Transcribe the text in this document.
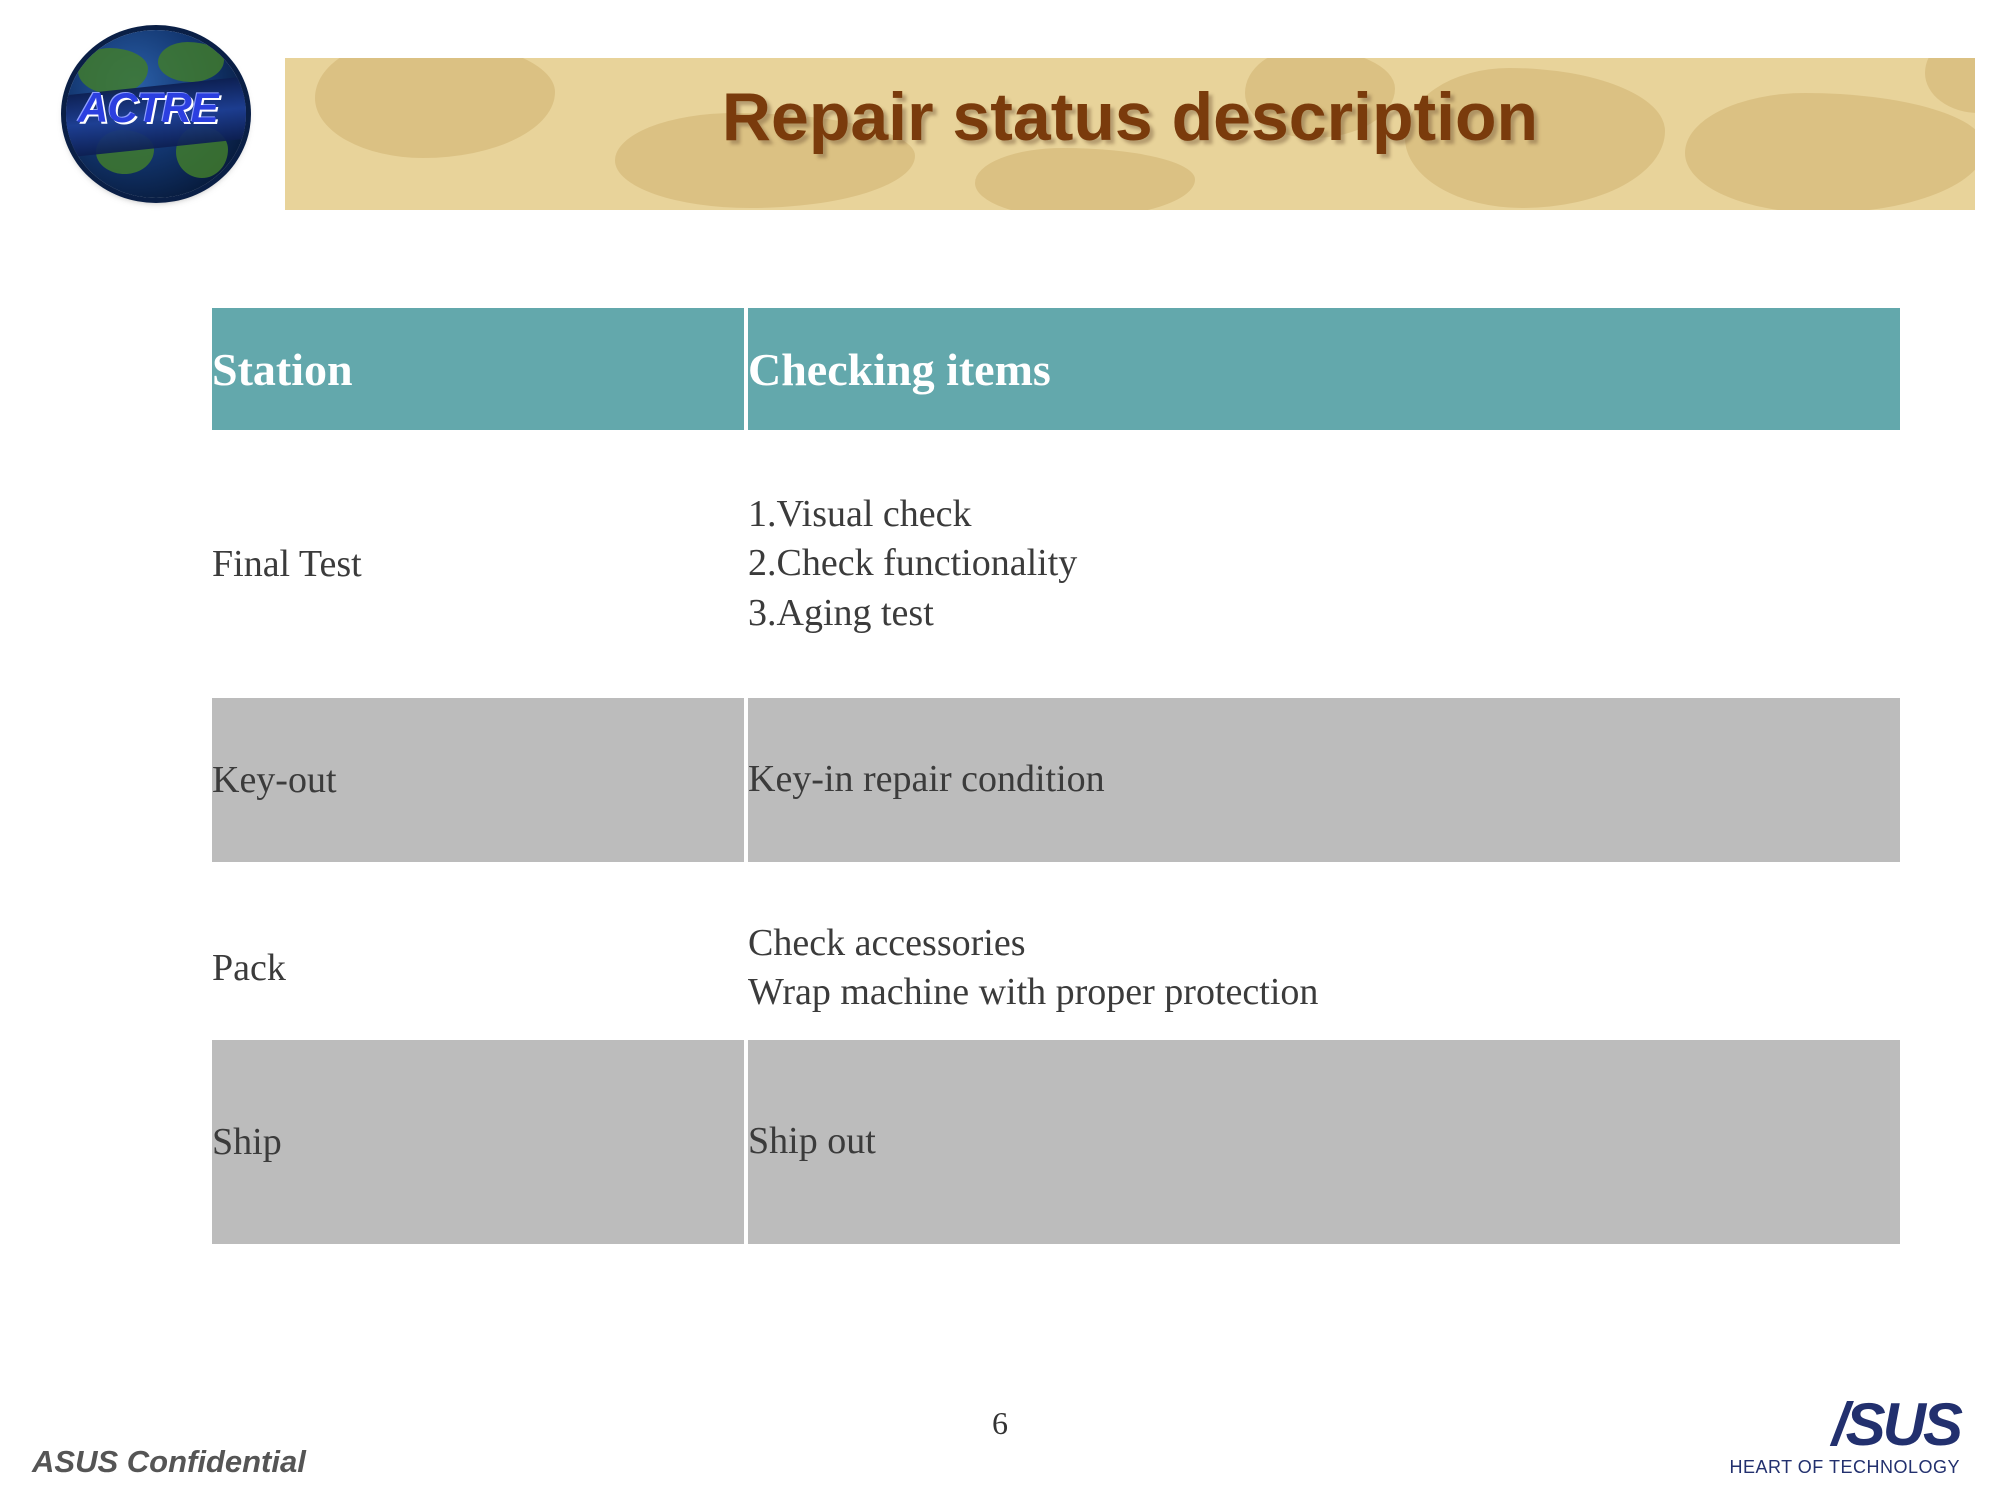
Repair status description
ACTRE
Station		Checking items

Final Test		1.Visual check
2.Check functionality
3.Aging test

Key-out		Key-in repair condition

Pack		Check accessories
Wrap machine with proper protection

Ship		Ship out
ASUS Confidential
6	/SUS
HEART OF TECHNOLOGY
